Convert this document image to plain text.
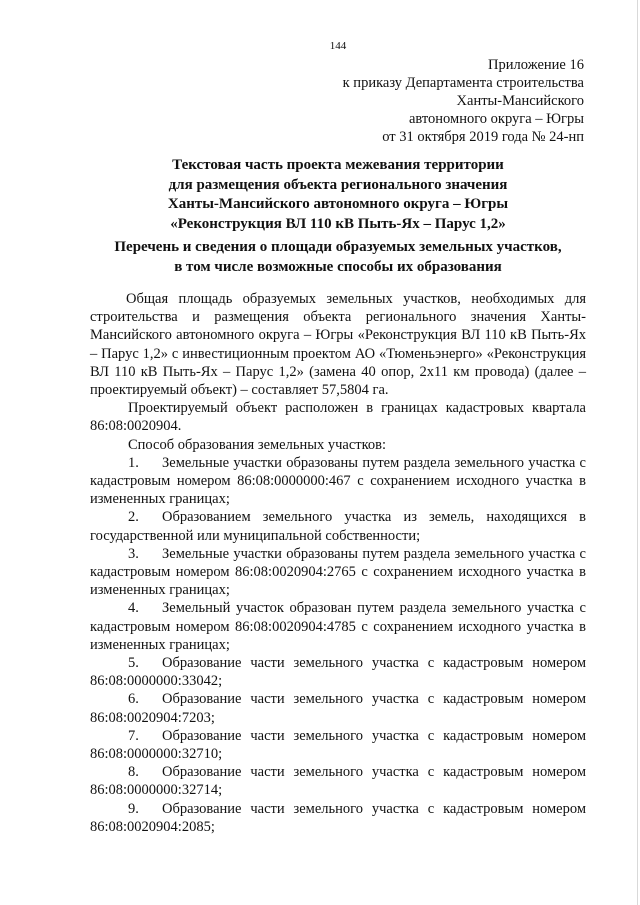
144
Приложение 16
к приказу Департамента строительства
Ханты-Мансийского
автономного округа – Югры
от 31 октября 2019 года № 24-нп
Текстовая часть проекта межевания территории
для размещения объекта регионального значения
Ханты-Мансийского автономного округа – Югры
«Реконструкция ВЛ 110 кВ Пыть-Ях – Парус 1,2»
Перечень и сведения о площади образуемых земельных участков,
в том числе возможные способы их образования

Общая площадь образуемых земельных участков, необходимых для строительства и размещения объекта регионального значения Ханты-Мансийского автономного округа – Югры «Реконструкция ВЛ 110 кВ Пыть-Ях – Парус 1,2» с инвестиционным проектом АО «Тюменьэнерго» «Реконструкция ВЛ 110 кВ Пыть-Ях – Парус 1,2» (замена 40 опор, 2х11 км провода) (далее – проектируемый объект) – составляет 57,5804 га.

Проектируемый объект расположен в границах кадастровых квартала 86:08:0020904.

Способ образования земельных участков:

1. Земельные участки образованы путем раздела земельного участка с кадастровым номером 86:08:0000000:467 с сохранением исходного участка в измененных границах;

2. Образованием земельного участка из земель, находящихся в государственной или муниципальной собственности;

3. Земельные участки образованы путем раздела земельного участка с кадастровым номером 86:08:0020904:2765 с сохранением исходного участка в измененных границах;

4. Земельный участок образован путем раздела земельного участка с кадастровым номером 86:08:0020904:4785 с сохранением исходного участка в измененных границах;

5. Образование части земельного участка с кадастровым номером 86:08:0000000:33042;

6. Образование части земельного участка с кадастровым номером 86:08:0020904:7203;

7. Образование части земельного участка с кадастровым номером 86:08:0000000:32710;

8. Образование части земельного участка с кадастровым номером 86:08:0000000:32714;

9. Образование части земельного участка с кадастровым номером 86:08:0020904:2085;
